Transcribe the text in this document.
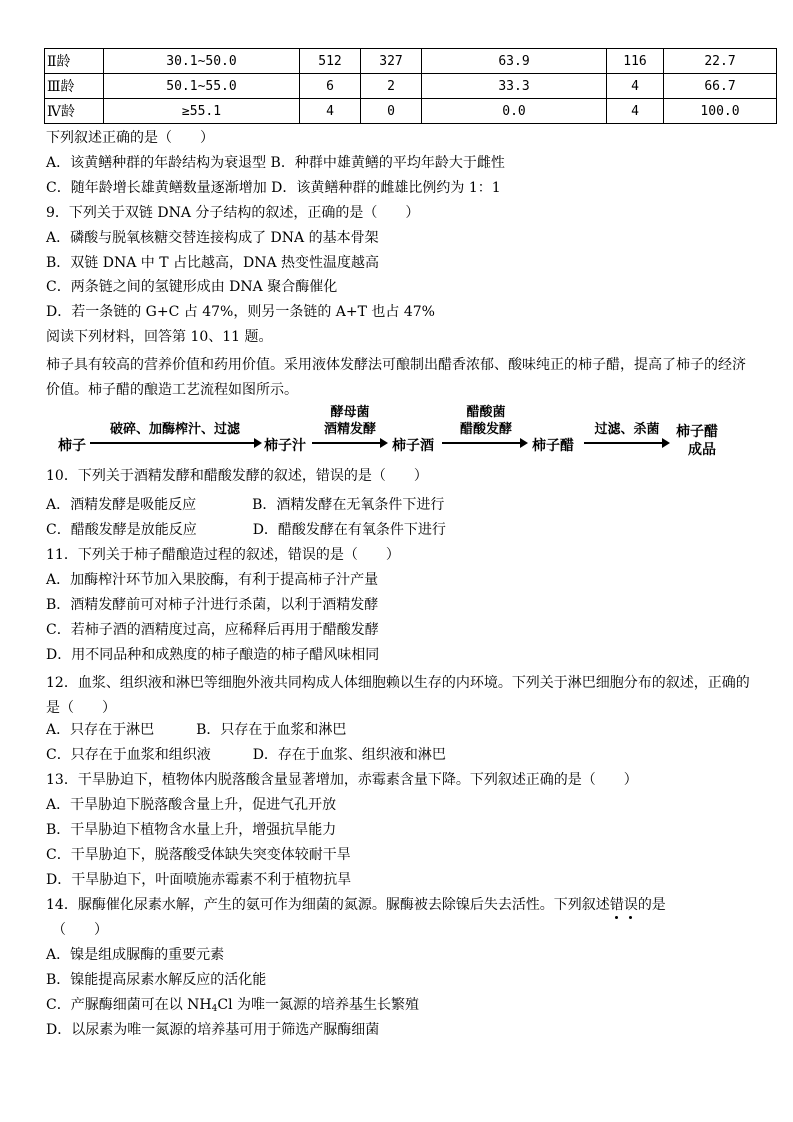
Ⅱ龄	30.1~50.0	512	327	63.9	116	22.7
Ⅲ龄	50.1~55.0	6	2	33.3	4	66.7
Ⅳ龄	≥55.1	4	0	0.0	4	100.0
下列叙述正确的是（　　）
A．该黄鳝种群的年龄结构为衰退型 B．种群中雄黄鳝的平均年龄大于雌性
C．随年龄增长雄黄鳝数量逐渐增加 D．该黄鳝种群的雌雄比例约为 1：1
9．下列关于双链 DNA 分子结构的叙述，正确的是（　　）
A．磷酸与脱氧核糖交替连接构成了 DNA 的基本骨架
B．双链 DNA 中 T 占比越高，DNA 热变性温度越高
C．两条链之间的氢键形成由 DNA 聚合酶催化
D．若一条链的 G+C 占 47%，则另一条链的 A+T 也占 47%
阅读下列材料，回答第 10、11 题。
柿子具有较高的营养价值和药用价值。采用液体发酵法可酿制出醋香浓郁、酸味纯正的柿子醋，提高了柿子的经济价值。柿子醋的酿造工艺流程如图所示。
柿子
破碎、加酶榨汁、过滤
柿子汁
酵母菌
酒精发酵
柿子酒
醋酸菌
醋酸发酵
柿子醋
过滤、杀菌	柿子醋
成品
10．下列关于酒精发酵和醋酸发酵的叙述，错误的是（　　）
A．酒精发酵是吸能反应　　　　B．酒精发酵在无氧条件下进行
C．醋酸发酵是放能反应　　　　D．醋酸发酵在有氧条件下进行
11．下列关于柿子醋酿造过程的叙述，错误的是（　　）
A．加酶榨汁环节加入果胶酶，有利于提高柿子汁产量
B．酒精发酵前可对柿子汁进行杀菌，以利于酒精发酵
C．若柿子酒的酒精度过高，应稀释后再用于醋酸发酵
D．用不同品种和成熟度的柿子酿造的柿子醋风味相同
12．血浆、组织液和淋巴等细胞外液共同构成人体细胞赖以生存的内环境。下列关于淋巴细胞分布的叙述，正确的是（　　）
A．只存在于淋巴　　　B．只存在于血浆和淋巴
C．只存在于血浆和组织液　　　D．存在于血浆、组织液和淋巴
13．干旱胁迫下，植物体内脱落酸含量显著增加，赤霉素含量下降。下列叙述正确的是（　　）
A．干旱胁迫下脱落酸含量上升，促进气孔开放
B．干旱胁迫下植物含水量上升，增强抗旱能力
C．干旱胁迫下，脱落酸受体缺失突变体较耐干旱
D．干旱胁迫下，叶面喷施赤霉素不利于植物抗旱
14．脲酶催化尿素水解，产生的氨可作为细菌的氮源。脲酶被去除镍后失去活性。下列叙述错误的是
（　　）
A．镍是组成脲酶的重要元素
B．镍能提高尿素水解反应的活化能
C．产脲酶细菌可在以 $NH_4Cl$ 为唯一氮源的培养基生长繁殖
D．以尿素为唯一氮源的培养基可用于筛选产脲酶细菌
